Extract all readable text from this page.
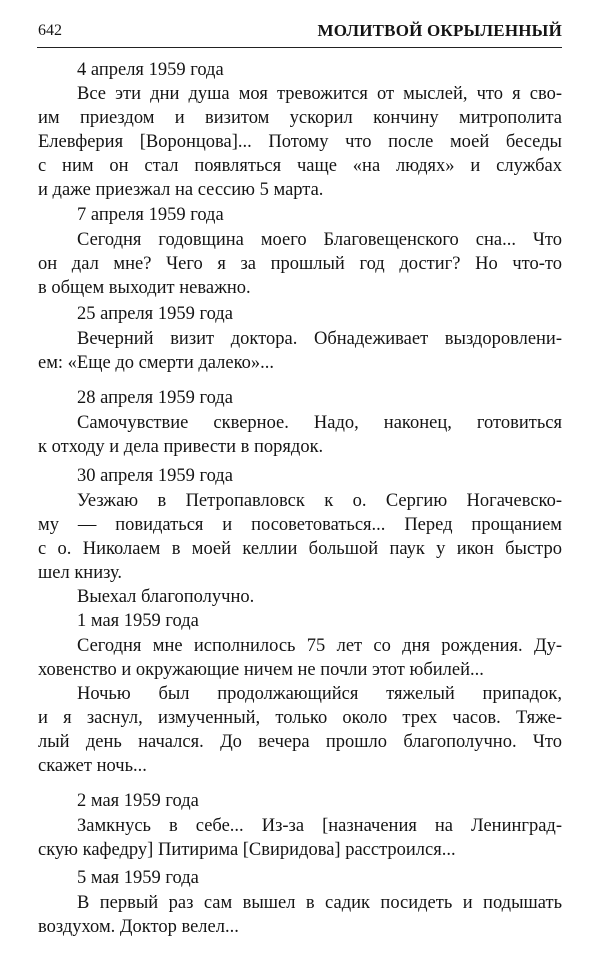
642	МОЛИТВОЙ ОКРЫЛЕННЫЙ
4 апреля 1959 года
Все эти дни душа моя тревожится от мыслей, что я сво-
им приездом и визитом ускорил кончину митрополита
Елевферия [Воронцова]... Потому что после моей беседы
с ним он стал появляться чаще «на людях» и службах
и даже приезжал на сессию 5 марта.
7 апреля 1959 года
Сегодня годовщина моего Благовещенского сна... Что
он дал мне? Чего я за прошлый год достиг? Но что-то
в общем выходит неважно.
25 апреля 1959 года
Вечерний визит доктора. Обнадеживает выздоровлени-
ем: «Еще до смерти далеко»...
28 апреля 1959 года
Самочувствие скверное. Надо, наконец, готовиться
к отходу и дела привести в порядок.
30 апреля 1959 года
Уезжаю в Петропавловск к о. Сергию Ногачевско-
му — повидаться и посоветоваться... Перед прощанием
с о. Николаем в моей келлии большой паук у икон быстро
шел книзу.
Выехал благополучно.
1 мая 1959 года
Сегодня мне исполнилось 75 лет со дня рождения. Ду-
ховенство и окружающие ничем не почли этот юбилей...
Ночью был продолжающийся тяжелый припадок,
и я заснул, измученный, только около трех часов. Тяже-
лый день начался. До вечера прошло благополучно. Что
скажет ночь...
2 мая 1959 года
Замкнусь в себе... Из-за [назначения на Ленинград-
скую кафедру] Питирима [Свиридова] расстроился...
5 мая 1959 года
В первый раз сам вышел в садик посидеть и подышать
воздухом. Доктор велел...
